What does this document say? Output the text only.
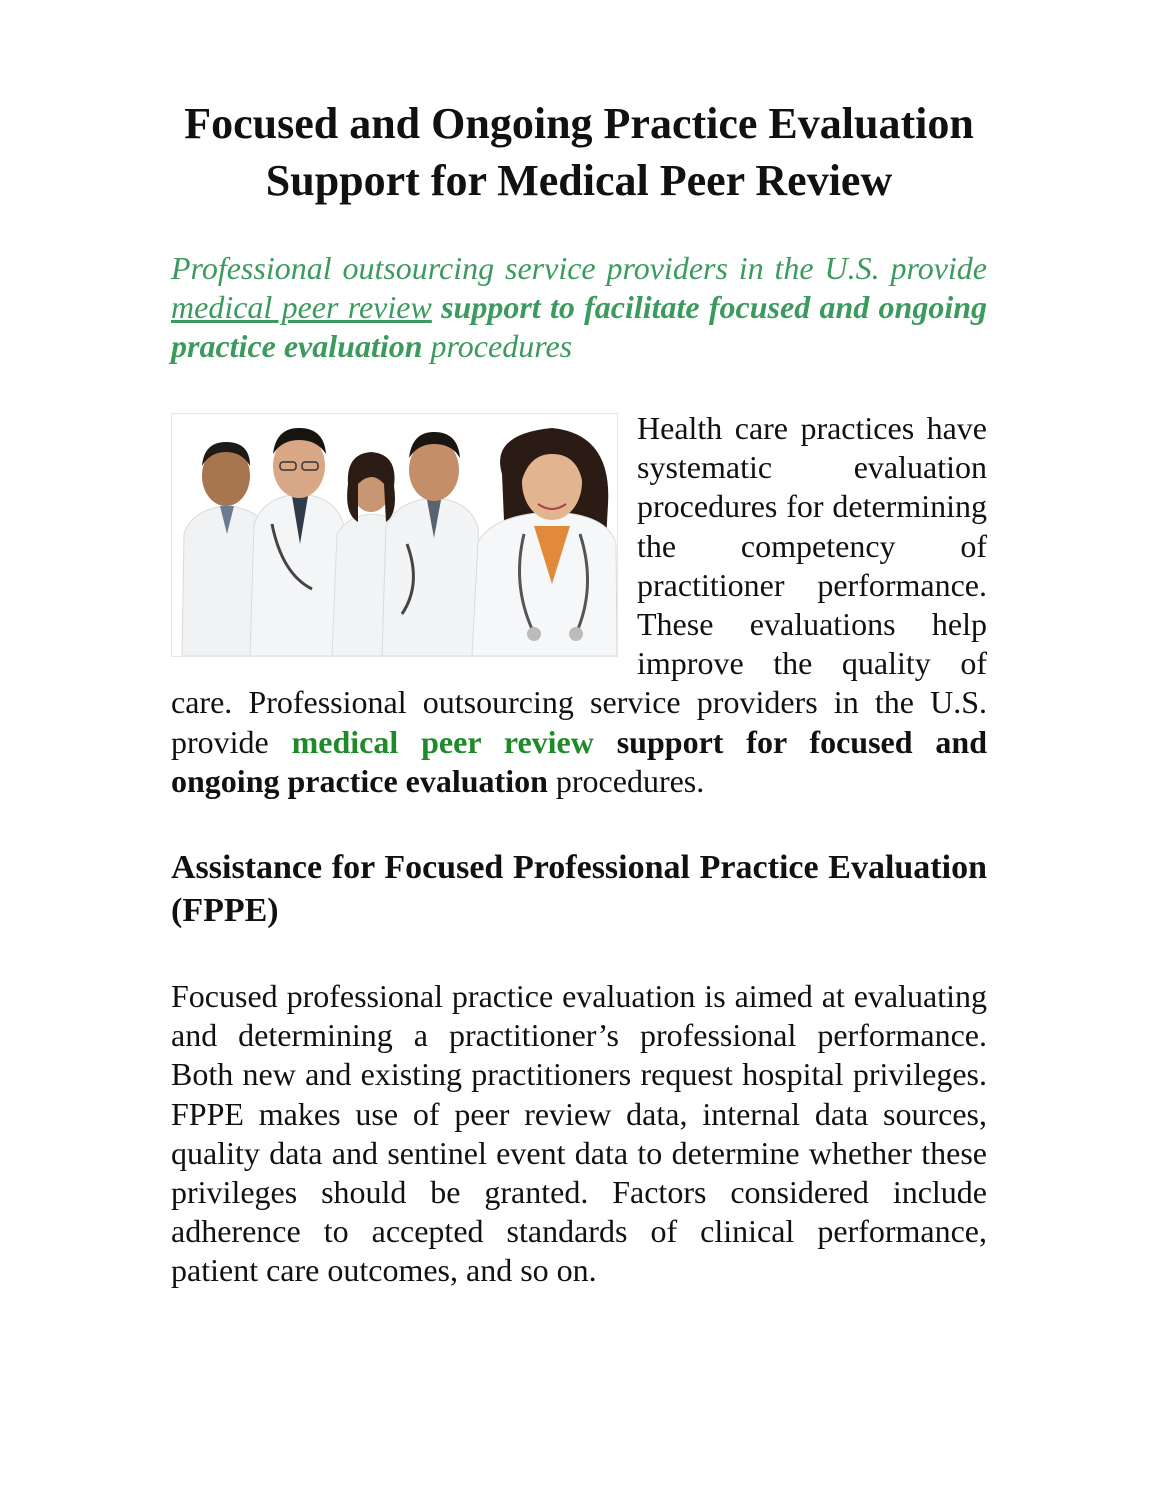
Focused and Ongoing Practice Evaluation Support for Medical Peer Review

Professional outsourcing service providers in the U.S. provide medical peer review support to facilitate focused and ongoing practice evaluation procedures

Health care practices have systematic evaluation procedures for determining the competency of practitioner performance. These evaluations help improve the quality of care. Professional outsourcing service providers in the U.S. provide medical peer review support for focused and ongoing practice evaluation procedures.

Assistance for Focused Professional Practice Evaluation (FPPE)

Focused professional practice evaluation is aimed at evaluating and determining a practitioner’s professional performance. Both new and existing practitioners request hospital privileges. FPPE makes use of peer review data, internal data sources, quality data and sentinel event data to determine whether these privileges should be granted. Factors considered include adherence to accepted standards of clinical performance, patient care outcomes, and so on.
